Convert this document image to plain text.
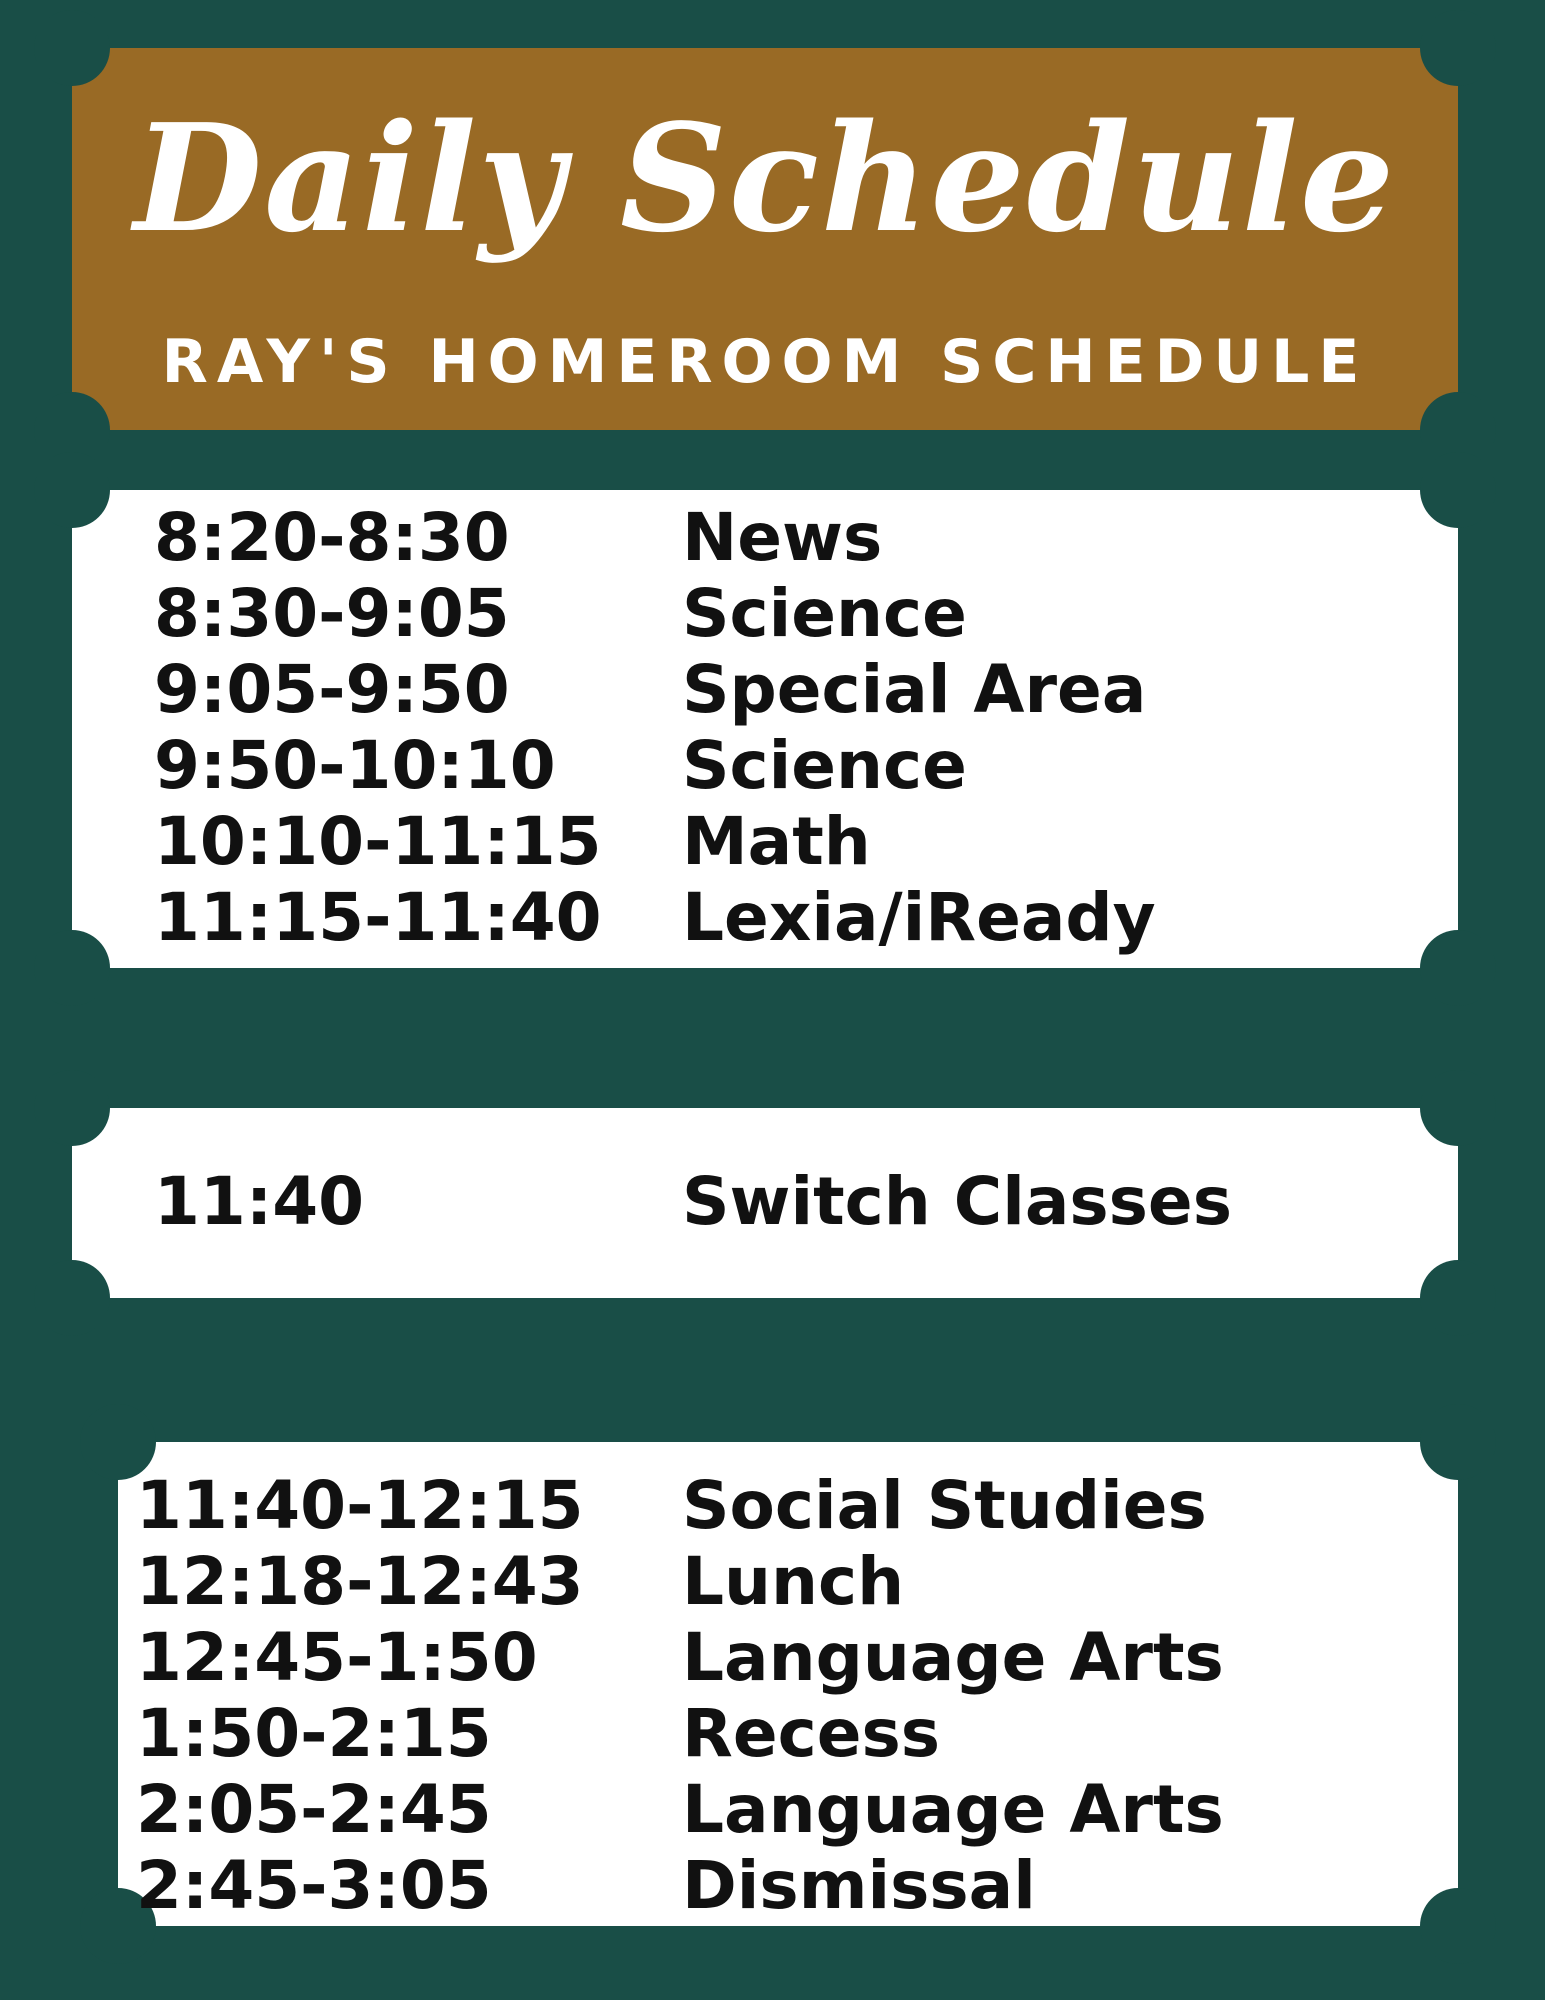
Daily Schedule
RAY'S HOMEROOM SCHEDULE
8:20-8:30	News
8:30-9:05	Science
9:05-9:50	Special Area
9:50-10:10 Science
10:10-11:15 Math
11:15-11:40 Lexia/iReady
11:40	Switch Classes
11:40-12:15 Social Studies
12:18-12:43 Lunch
12:45-1:50 Language Arts
1:50-2:15	Recess
2:05-2:45	Language Arts
2:45-3:05	Dismissal
